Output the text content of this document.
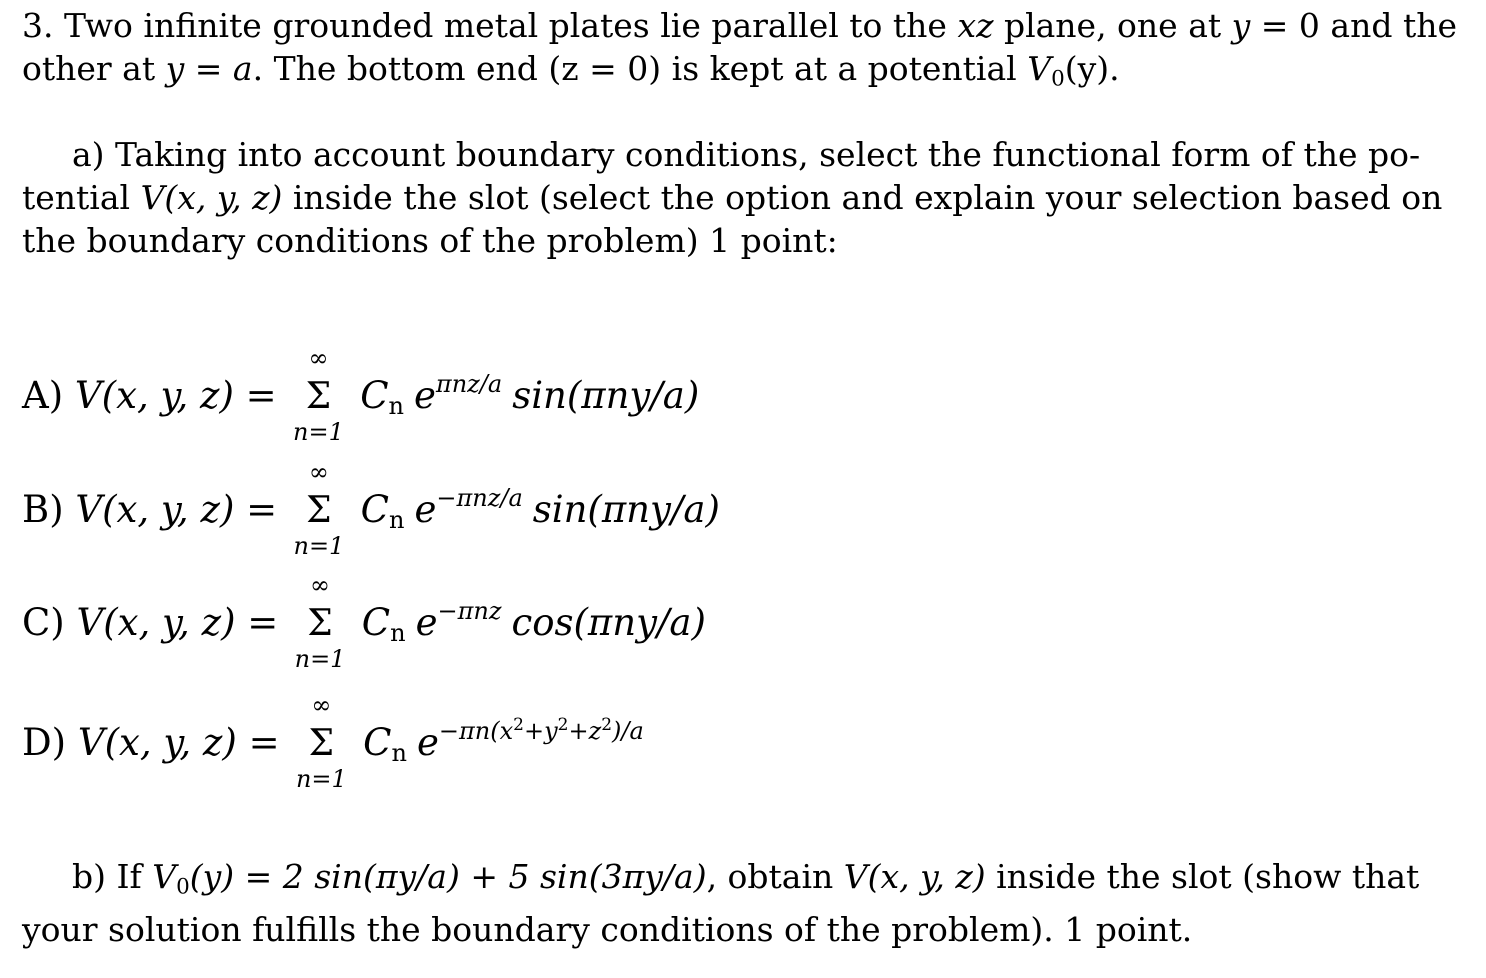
3. Two infinite grounded metal plates lie parallel to the xz plane, one at y = 0 and the
other at y = a. The bottom end (z = 0) is kept at a potential $V_0(y)$.
a) Taking into account boundary conditions, select the functional form of the po-
tential V(x, y, z) inside the slot (select the option and explain your selection based on
the boundary conditions of the problem) 1 point:
A) V(x, y, z) =
∞
Σ
n=1
$C_n$ $e^{\pi nz/a}$ sin(πny/a)
B) V(x, y, z) =
∞
Σ
n=1
$C_n$ $e^{-\pi nz/a}$ sin(πny/a)
C) V(x, y, z) =
∞
Σ
n=1
$C_n$ $e^{-\pi nz}$ cos(πny/a)
D) V(x, y, z) =
∞
Σ
n=1
$C_n$ $e^{-\pi n(x^2+y^2+z^2)/a}$
b) If $V_0(y) = 2$ sin(πy/a) + 5 sin(3πy/a), obtain V(x, y, z) inside the slot (show that
your solution fulfills the boundary conditions of the problem). 1 point.
